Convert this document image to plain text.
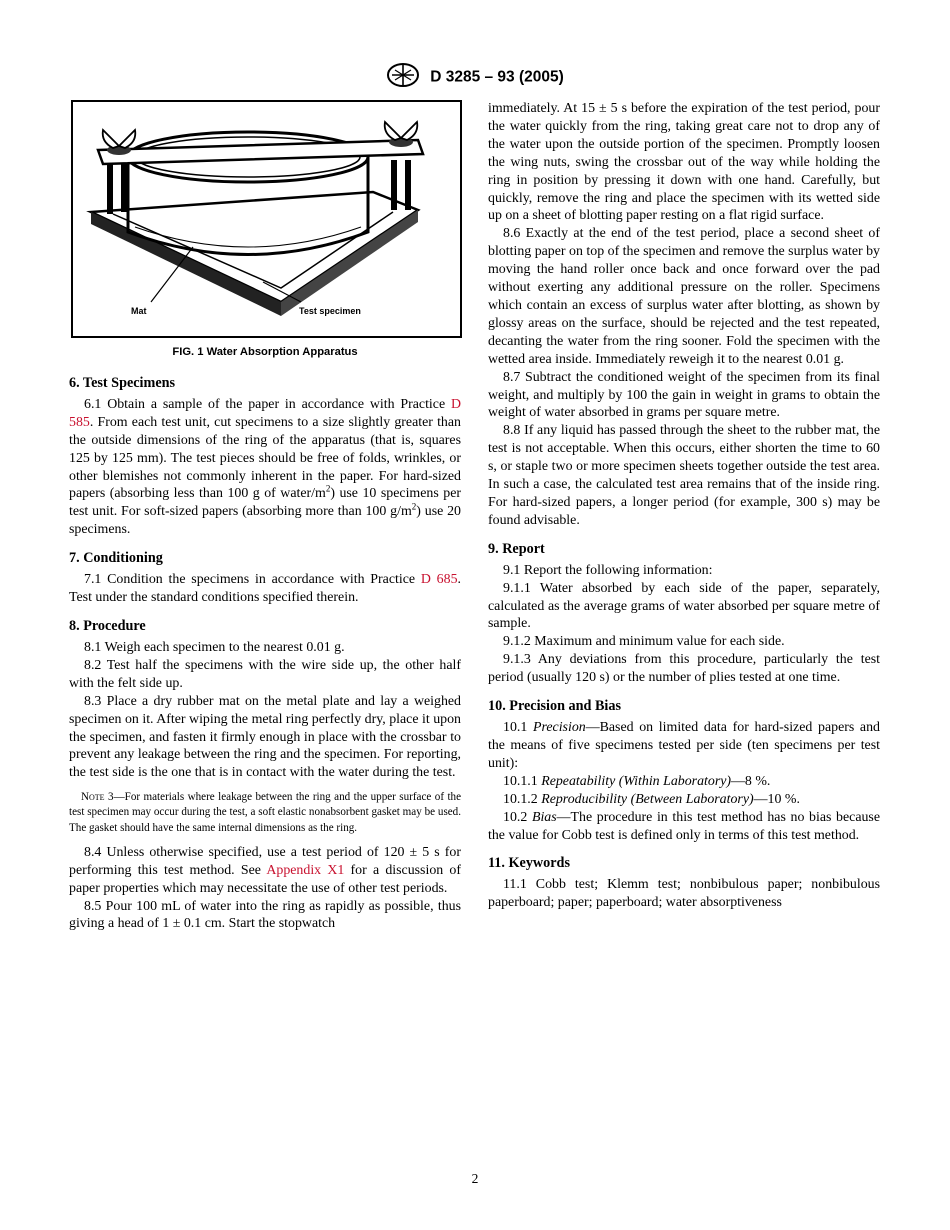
D 3285 – 93 (2005)
Mat	Test specimen
FIG. 1 Water Absorption Apparatus
6. Test Specimens

6.1 Obtain a sample of the paper in accordance with Practice D 585. From each test unit, cut specimens to a size slightly greater than the outside dimensions of the ring of the apparatus (that is, squares 125 by 125 mm). The test pieces should be free of folds, wrinkles, or other blemishes not commonly inherent in the paper. For hard-sized papers (absorbing less than 100 g of water/$m^2$) use 10 specimens per test unit. For soft-sized papers (absorbing more than 100 $g/m^2$) use 20 specimens.

7. Conditioning

7.1 Condition the specimens in accordance with Practice D 685. Test under the standard conditions specified therein.

8. Procedure

8.1 Weigh each specimen to the nearest 0.01 g.

8.2 Test half the specimens with the wire side up, the other half with the felt side up.

8.3 Place a dry rubber mat on the metal plate and lay a weighed specimen on it. After wiping the metal ring perfectly dry, place it upon the specimen, and fasten it firmly enough in place with the crossbar to prevent any leakage between the ring and the specimen. For reporting, the test side is the one that is in contact with the water during the test.

Note 3—For materials where leakage between the ring and the upper surface of the test specimen may occur during the test, a soft elastic nonabsorbent gasket may be used. The gasket should have the same internal dimensions as the ring.

8.4 Unless otherwise specified, use a test period of 120 ± 5 s for performing this test method. See Appendix X1 for a discussion of paper properties which may necessitate the use of other test periods.

8.5 Pour 100 mL of water into the ring as rapidly as possible, thus giving a head of 1 ± 0.1 cm. Start the stopwatch

immediately. At 15 ± 5 s before the expiration of the test period, pour the water quickly from the ring, taking great care not to drop any of the water upon the outside portion of the specimen. Promptly loosen the wing nuts, swing the crossbar out of the way while holding the ring in position by pressing it down with one hand. Carefully, but quickly, remove the ring and place the specimen with its wetted side up on a sheet of blotting paper resting on a flat rigid surface.

8.6 Exactly at the end of the test period, place a second sheet of blotting paper on top of the specimen and remove the surplus water by moving the hand roller once back and once forward over the pad without exerting any additional pressure on the roller. Specimens which contain an excess of surplus water after blotting, as shown by glossy areas on the surface, should be rejected and the test repeated, decanting the water from the ring sooner. Fold the specimen with the wetted area inside. Immediately reweigh it to the nearest 0.01 g.

8.7 Subtract the conditioned weight of the specimen from its final weight, and multiply by 100 the gain in weight in grams to obtain the weight of water absorbed in grams per square metre.

8.8 If any liquid has passed through the sheet to the rubber mat, the test is not acceptable. When this occurs, either shorten the time to 60 s, or staple two or more specimen sheets together outside the test area. In such a case, the calculated test area remains that of the inside ring. For hard-sized papers, a longer period (for example, 300 s) may be found advisable.

9. Report

9.1 Report the following information:

9.1.1 Water absorbed by each side of the paper, separately, calculated as the average grams of water absorbed per square metre of sample.

9.1.2 Maximum and minimum value for each side.

9.1.3 Any deviations from this procedure, particularly the test period (usually 120 s) or the number of plies tested at one time.

10. Precision and Bias

10.1 Precision—Based on limited data for hard-sized papers and the means of five specimens tested per side (ten specimens per test unit):

10.1.1 Repeatability (Within Laboratory)—8 %.

10.1.2 Reproducibility (Between Laboratory)—10 %.

10.2 Bias—The procedure in this test method has no bias because the value for Cobb test is defined only in terms of this test method.

11. Keywords

11.1 Cobb test; Klemm test; nonbibulous paper; nonbibulous paperboard; paper; paperboard; water absorptiveness

2
